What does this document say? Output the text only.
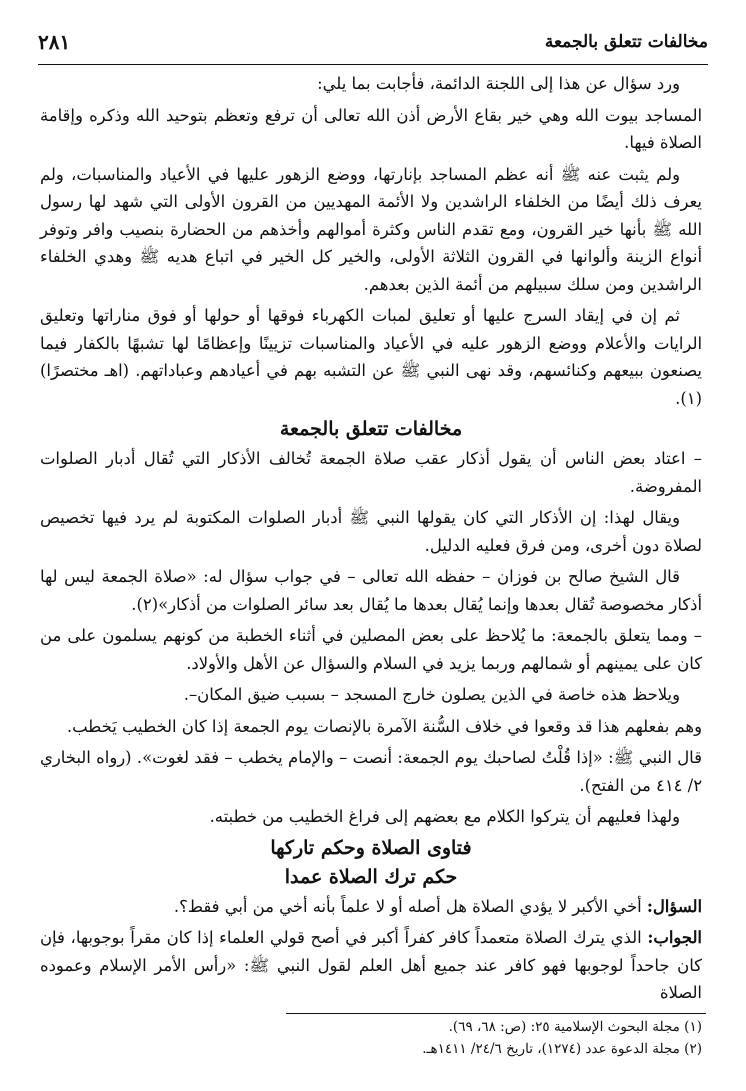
مخالفات تتعلق بالجمعة
٢٨١

ورد سؤال عن هذا إلى اللجنة الدائمة، فأجابت بما يلي:

المساجد بيوت الله وهي خير بقاع الأرض أذن الله تعالى أن ترفع وتعظم بتوحيد الله وذكره وإقامة الصلاة فيها.

ولم يثبت عنه ﷺ أنه عظم المساجد بإنارتها، ووضع الزهور عليها في الأعياد والمناسبات، ولم يعرف ذلك أيضًا من الخلفاء الراشدين ولا الأئمة المهديين من القرون الأولى التي شهد لها رسول الله ﷺ بأنها خير القرون، ومع تقدم الناس وكثرة أموالهم وأخذهم من الحضارة بنصيب وافر وتوفر أنواع الزينة وألوانها في القرون الثلاثة الأولى، والخير كل الخير في اتباع هديه ﷺ وهدي الخلفاء الراشدين ومن سلك سبيلهم من أئمة الذين بعدهم.

ثم إن في إيقاد السرج عليها أو تعليق لمبات الكهرباء فوقها أو حولها أو فوق مناراتها وتعليق الرايات والأعلام ووضع الزهور عليه في الأعياد والمناسبات تزيينًا وإعظامًا لها تشبهًا بالكفار فيما يصنعون ببيعهم وكنائسهم، وقد نهى النبي ﷺ عن التشبه بهم في أعيادهم وعباداتهم. (اهـ مختصرًا)(١).

مخالفات تتعلق بالجمعة

– اعتاد بعض الناس أن يقول أذكار عقب صلاة الجمعة تُخالف الأذكار التي تُقال أدبار الصلوات المفروضة.

ويقال لهذا: إن الأذكار التي كان يقولها النبي ﷺ أدبار الصلوات المكتوبة لم يرد فيها تخصيص لصلاة دون أخرى، ومن فرق فعليه الدليل.

قال الشيخ صالح بن فوزان – حفظه الله تعالى – في جواب سؤال له: «صلاة الجمعة ليس لها أذكار مخصوصة تُقال بعدها وإنما يُقال بعدها ما يُقال بعد سائر الصلوات من أذكار»(٢).

– ومما يتعلق بالجمعة: ما يُلاحظ على بعض المصلين في أثناء الخطبة من كونهم يسلمون على من كان على يمينهم أو شمالهم وربما يزيد في السلام والسؤال عن الأهل والأولاد.

ويلاحظ هذه خاصة في الذين يصلون خارج المسجد – بسبب ضيق المكان–.

وهم بفعلهم هذا قد وقعوا في خلاف السُّنة الآمرة بالإنصات يوم الجمعة إذا كان الخطيب يَخطب.

قال النبي ﷺ: «إذا قُلْتُ لصاحبك يوم الجمعة: أنصت – والإمام يخطب – فقد لغوت». (رواه البخاري ٢/ ٤١٤ من الفتح).

ولهذا فعليهم أن يتركوا الكلام مع بعضهم إلى فراغ الخطيب من خطبته.

فتاوى الصلاة وحكم تاركها
حكم ترك الصلاة عمدا

السؤال: أخي الأكبر لا يؤدي الصلاة هل أصله أو لا علماً بأنه أخي من أبي فقط؟.

الجواب: الذي يترك الصلاة متعمداً كافر كفراً أكبر في أصح قولي العلماء إذا كان مقراً بوجوبها، فإن كان جاحداً لوجوبها فهو كافر عند جميع أهل العلم لقول النبي ﷺ: «رأس الأمر الإسلام وعموده الصلاة

(١) مجلة البحوث الإسلامية ٢٥: (ص: ٦٨، ٦٩).

(٢) مجلة الدعوة عدد (١٢٧٤)، تاريخ ٢٤/٦/ ١٤١١هـ.
